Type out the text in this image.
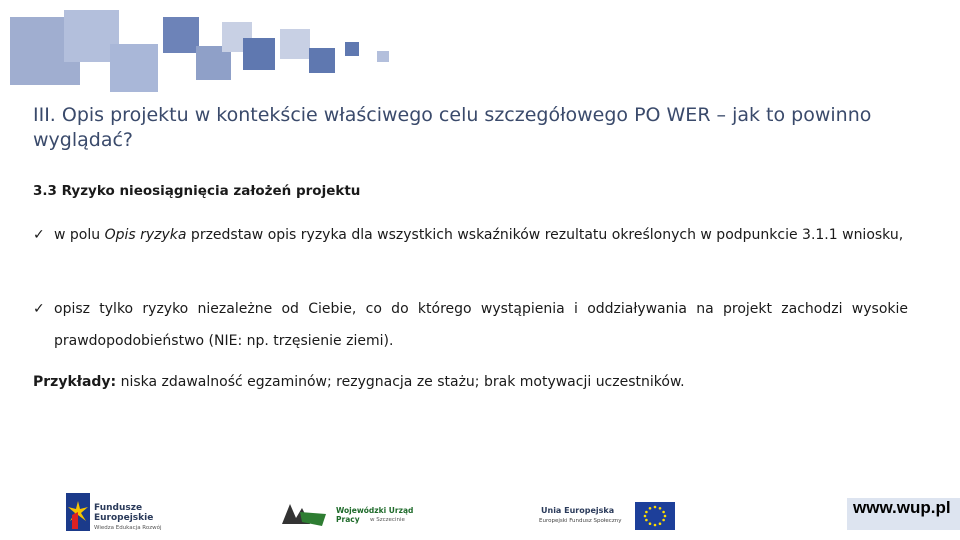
III. Opis projektu w kontekście właściwego celu szczegółowego PO WER – jak to powinno wyglądać?
3.3 Ryzyko nieosiągnięcia założeń projektu
✓ w polu Opis ryzyka przedstaw opis ryzyka dla wszystkich wskaźników rezultatu określonych w podpunkcie 3.1.1 wniosku,
✓ opisz tylko ryzyko niezależne od Ciebie, co do którego wystąpienia i oddziaływania na projekt zachodzi wysokie prawdopodobieństwo (NIE: np. trzęsienie ziemi).
Przykłady: niska zdawalność egzaminów; rezygnacja ze stażu; brak motywacji uczestników.
Fundusze
Europejskie
Wiedza Edukacja Rozwój
Wojewódzki Urząd Pracy	w Szczecinie
Unia Europejska
Europejski Fundusz Społeczny
www.wup.pl
